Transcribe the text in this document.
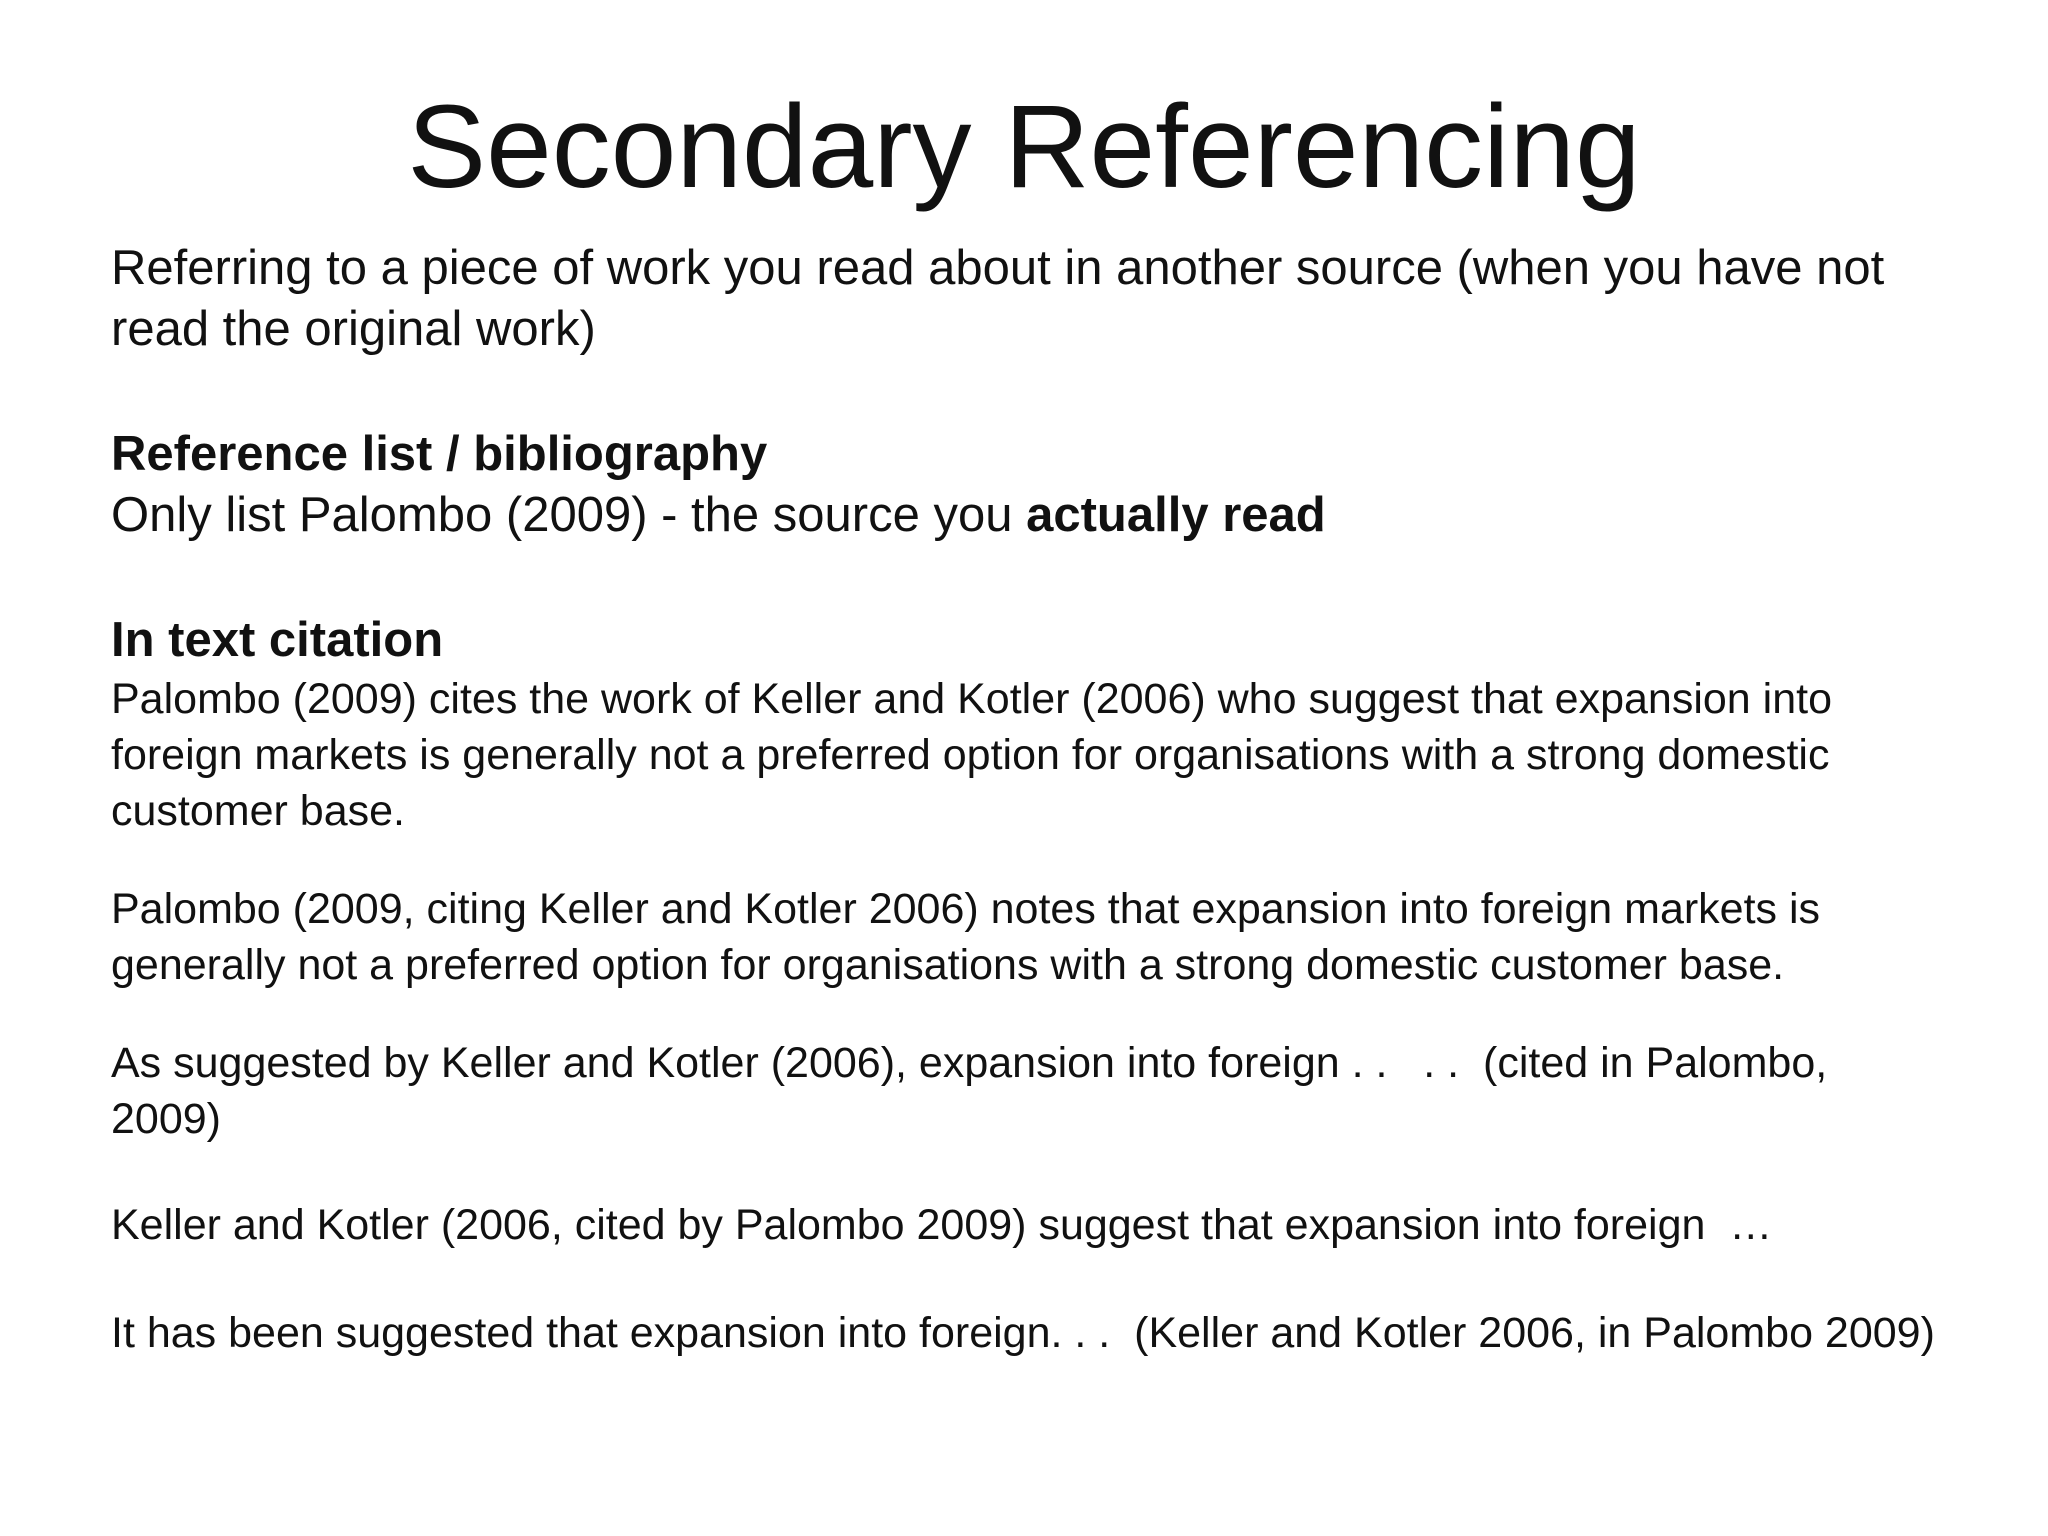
Secondary Referencing

Referring to a piece of work you read about in another source (when you have not read the original work)

Reference list / bibliography

Only list Palombo (2009) - the source you actually read

In text citation

Palombo (2009) cites the work of Keller and Kotler (2006) who suggest that expansion into foreign markets is generally not a preferred option for organisations with a strong domestic customer base.

Palombo (2009, citing Keller and Kotler 2006) notes that expansion into foreign markets is generally not a preferred option for organisations with a strong domestic customer base.

As suggested by Keller and Kotler (2006), expansion into foreign . .   . .  (cited in Palombo, 2009)

Keller and Kotler (2006, cited by Palombo 2009) suggest that expansion into foreign  …

It has been suggested that expansion into foreign. . .  (Keller and Kotler 2006, in Palombo 2009)
